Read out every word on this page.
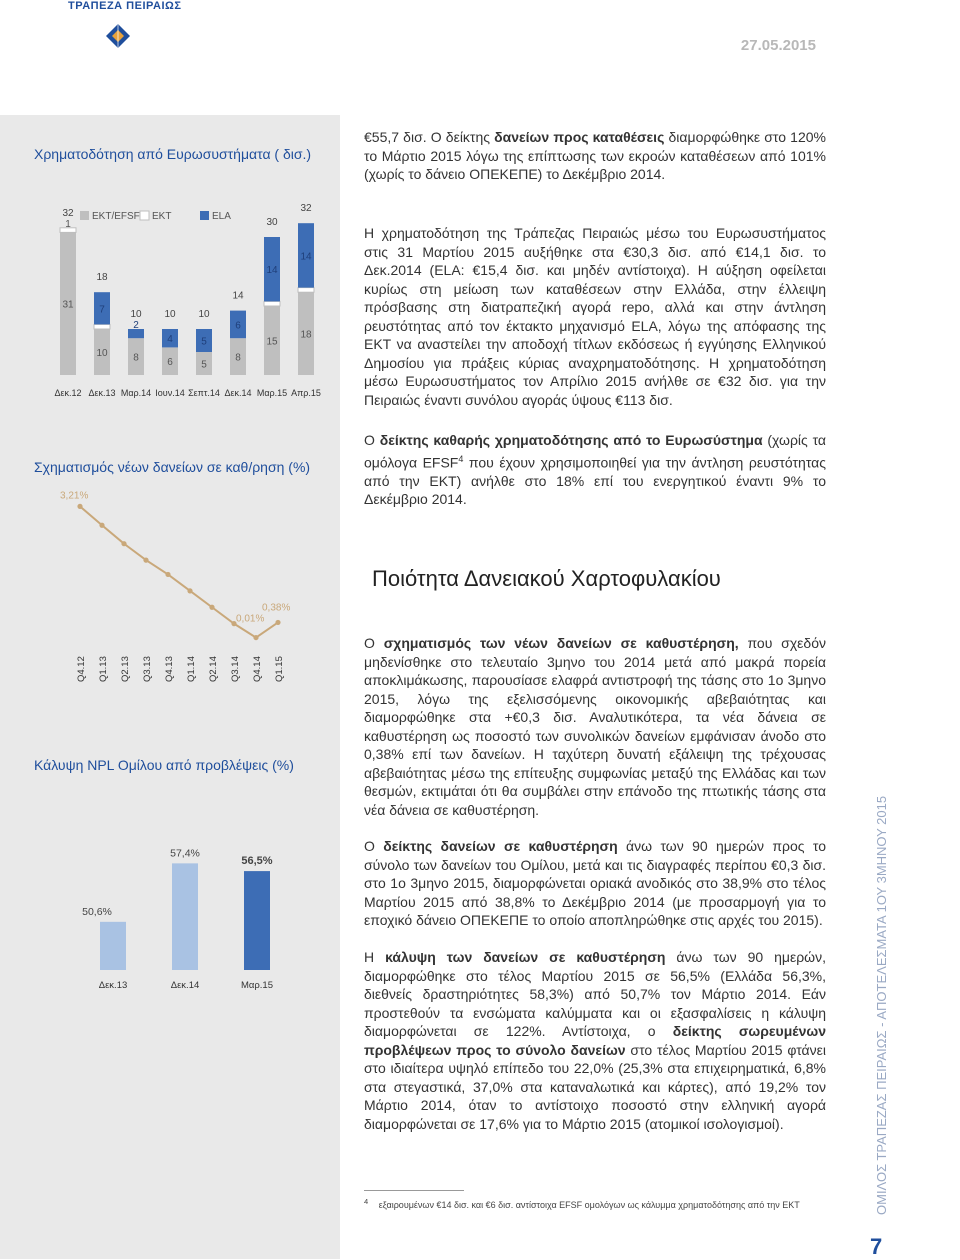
ΤΡΑΠΕΖΑ ΠΕΙΡΑΙΩΣ
27.05.2015
Χρηματοδότηση από Ευρωσυστήματα ( δισ.)
ΕΚΤ/EFSF ΕΚΤ	ELA
31
1
32
Δεκ.12
10
7
18
Δεκ.13
8
2
10
Μαρ.14
6
4
10
Ιουν.14
5
5
10
Σεπτ.14
8
6
14
Δεκ.14
15
14
30
Μαρ.15
18
14
32
Απρ.15
Σχηματισμός νέων δανείων σε καθ/ρηση (%)
3,21%
0,01%
0,38%
Q4.12 Q1.13 Q2.13 Q3.13 Q4.13 Q1.14 Q2.14 Q3.14 Q4.14 Q1.15
Κάλυψη NPL Ομίλου από προβλέψεις (%)
50,6%
Δεκ.13
57,4%
Δεκ.14
56,5%
Μαρ.15
€55,7 δισ. Ο δείκτης δανείων προς καταθέσεις διαμορφώθηκε στο 120% το Μάρτιο 2015 λόγω της επίπτωσης των εκροών καταθέσεων από 101% (χωρίς το δάνειο ΟΠΕΚΕΠΕ) το Δεκέμβριο 2014.
Η χρηματοδότηση της Τράπεζας Πειραιώς μέσω του Ευρωσυστήματος στις 31 Μαρτίου 2015 αυξήθηκε στα €30,3 δισ. από €14,1 δισ. το Δεκ.2014 (ELA: €15,4 δισ. και μηδέν αντίστοιχα). Η αύξηση οφείλεται κυρίως στη μείωση των καταθέσεων στην Ελλάδα, στην έλλειψη πρόσβασης στη διατραπεζική αγορά repo, αλλά και στην άντληση ρευστότητας από τον έκτακτο μηχανισμό ELA, λόγω της απόφασης της ΕΚΤ να αναστείλει την αποδοχή τίτλων εκδόσεως ή εγγύησης Ελληνικού Δημοσίου για πράξεις κύριας αναχρηματοδότησης. Η χρηματοδότηση μέσω Ευρωσυστήματος τον Απρίλιο 2015 ανήλθε σε €32 δισ. για την Πειραιώς έναντι συνόλου αγοράς ύψους €113 δισ.
Ο δείκτης καθαρής χρηματοδότησης από το Ευρωσύστημα (χωρίς τα ομόλογα EFSF$^4$ που έχουν χρησιμοποιηθεί για την άντληση ρευστότητας από την ΕΚΤ) ανήλθε στο 18% επί του ενεργητικού έναντι 9% το Δεκέμβριο 2014.
Ποιότητα Δανειακού Χαρτοφυλακίου
Ο σχηματισμός των νέων δανείων σε καθυστέρηση, που σχεδόν μηδενίσθηκε στο τελευταίο 3μηνο του 2014 μετά από μακρά πορεία αποκλιμάκωσης, παρουσίασε ελαφρά αντιστροφή της τάσης στο 1ο 3μηνο 2015, λόγω της εξελισσόμενης οικονομικής αβεβαιότητας και διαμορφώθηκε στα +€0,3 δισ. Αναλυτικότερα, τα νέα δάνεια σε καθυστέρηση ως ποσοστό των συνολικών δανείων εμφάνισαν άνοδο στο 0,38% επί των δανείων. Η ταχύτερη δυνατή εξάλειψη της τρέχουσας αβεβαιότητας μέσω της επίτευξης συμφωνίας μεταξύ της Ελλάδας και των θεσμών, εκτιμάται ότι θα συμβάλει στην επάνοδο της πτωτικής τάσης στα νέα δάνεια σε καθυστέρηση.
Ο δείκτης δανείων σε καθυστέρηση άνω των 90 ημερών προς το σύνολο των δανείων του Ομίλου, μετά και τις διαγραφές περίπου €0,3 δισ. στο 1ο 3μηνο 2015, διαμορφώνεται οριακά ανοδικός στο 38,9% στο τέλος Μαρτίου 2015 από 38,8% το Δεκέμβριο 2014 (με προσαρμογή για το εποχικό δάνειο ΟΠΕΚΕΠΕ το οποίο αποπληρώθηκε στις αρχές του 2015).
Η κάλυψη των δανείων σε καθυστέρηση άνω των 90 ημερών, διαμορφώθηκε στο τέλος Μαρτίου 2015 σε 56,5% (Ελλάδα 56,3%, διεθνείς δραστηριότητες 58,3%) από 50,7% τον Μάρτιο 2014. Εάν προστεθούν τα ενσώματα καλύμματα και οι εξασφαλίσεις η κάλυψη διαμορφώνεται σε 122%. Αντίστοιχα, ο δείκτης σωρευμένων προβλέψεων προς το σύνολο δανείων στο τέλος Μαρτίου 2015 φτάνει στο ιδιαίτερα υψηλό επίπεδο του 22,0% (25,3% στα επιχειρηματικά, 6,8% στα στεγαστικά, 37,0% στα καταναλωτικά και κάρτες), από 19,2% τον Μάρτιο 2014, όταν το αντίστοιχο ποσοστό στην ελληνική αγορά διαμορφώνεται σε 17,6% για το Μάρτιο 2015 (ατομικοί ισολογισμοί).
$^4$ εξαιρουμένων €14 δισ. και €6 δισ. αντίστοιχα EFSF ομολόγων ως κάλυμμα χρηματοδότησης από την ΕΚΤ	ΟΜΙΛΟΣ ΤΡΑΠΕΖΑΣ ΠΕΙΡΑΙΩΣ - ΑΠΟΤΕΛΕΣΜΑΤΑ 1ΟΥ 3ΜΗΝΟΥ 2015
7
